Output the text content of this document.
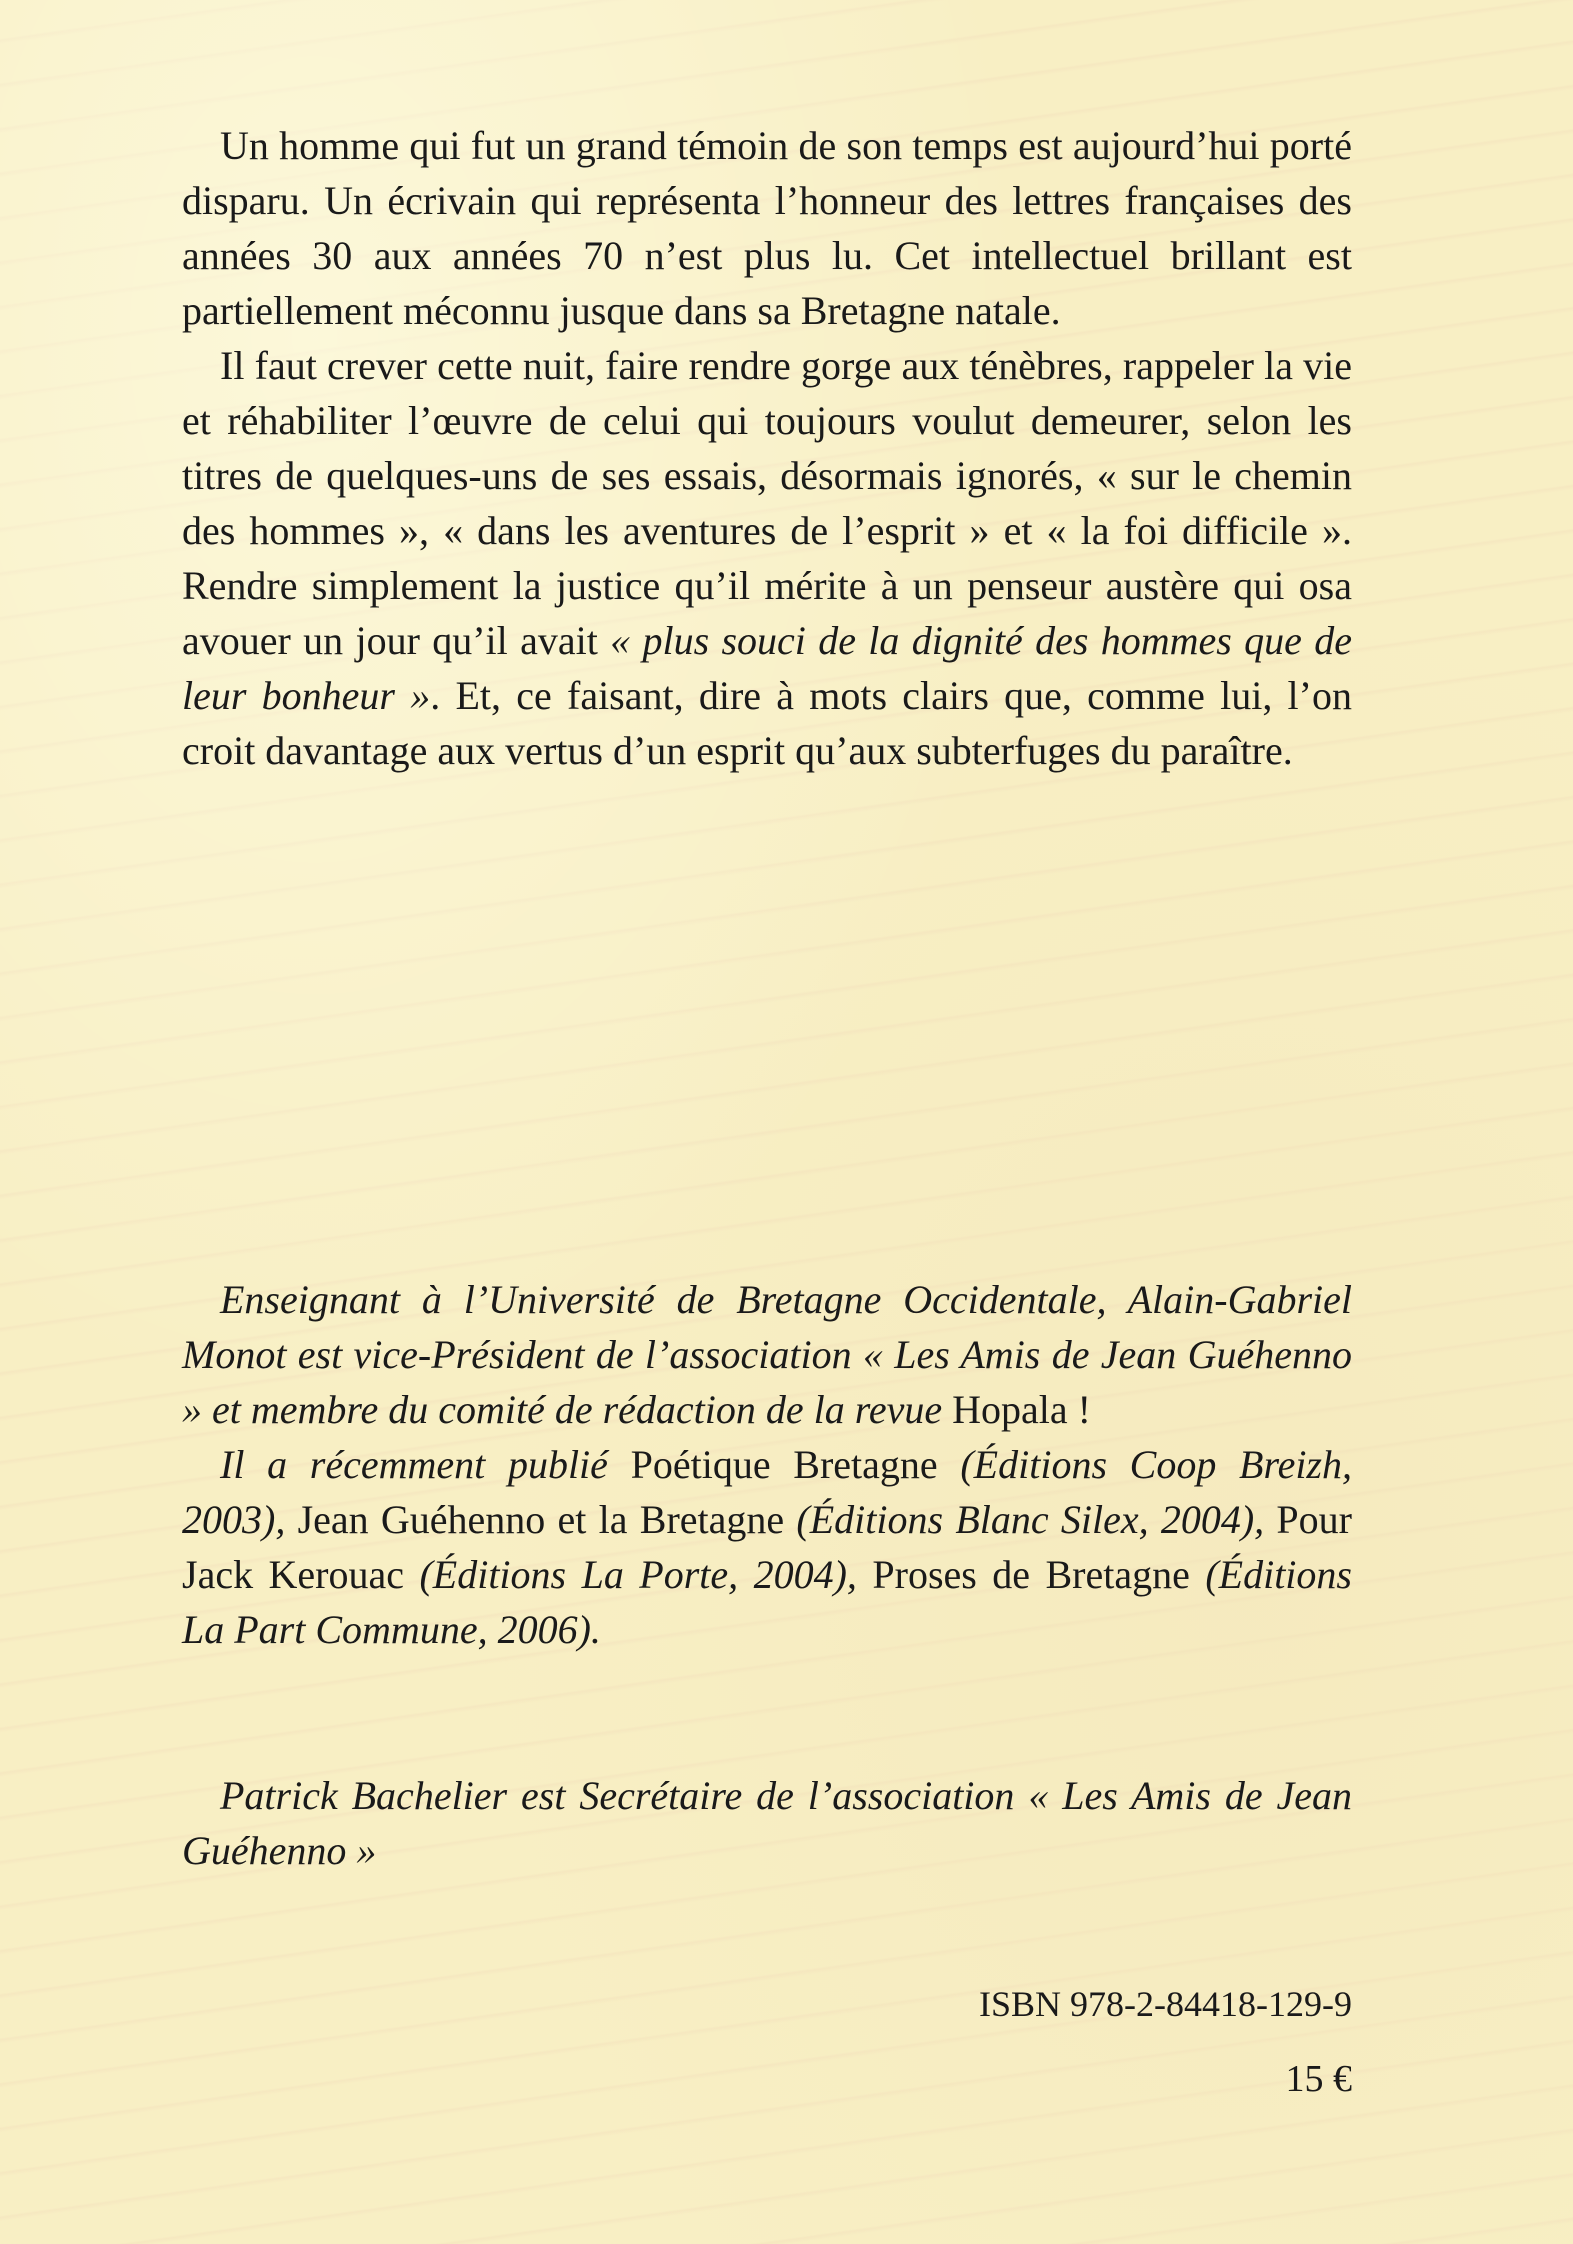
Un homme qui fut un grand témoin de son temps est aujourd’hui porté disparu. Un écrivain qui représenta l’honneur des lettres françaises des années 30 aux années 70 n’est plus lu. Cet intellectuel brillant est partiellement méconnu jusque dans sa Bretagne natale.

Il faut crever cette nuit, faire rendre gorge aux ténèbres, rappeler la vie et réhabiliter l’œuvre de celui qui toujours voulut demeurer, selon les titres de quelques-uns de ses essais, désormais ignorés, « sur le chemin des hommes », « dans les aventures de l’esprit » et « la foi difficile ». Rendre simplement la justice qu’il mérite à un penseur austère qui osa avouer un jour qu’il avait « plus souci de la dignité des hommes que de leur bonheur ». Et, ce faisant, dire à mots clairs que, comme lui, l’on croit davantage aux vertus d’un esprit qu’aux subterfuges du paraître.

Enseignant à l’Université de Bretagne Occidentale, Alain-Gabriel Monot est vice-Président de l’association « Les Amis de Jean Guéhenno » et membre du comité de rédaction de la revue Hopala !

Il a récemment publié Poétique Bretagne (Éditions Coop Breizh, 2003), Jean Guéhenno et la Bretagne (Éditions Blanc Silex, 2004), Pour Jack Kerouac (Éditions La Porte, 2004), Proses de Bretagne (Éditions La Part Commune, 2006).

Patrick Bachelier est Secrétaire de l’association « Les Amis de Jean Guéhenno »

ISBN 978-2-84418-129-9
15 €
